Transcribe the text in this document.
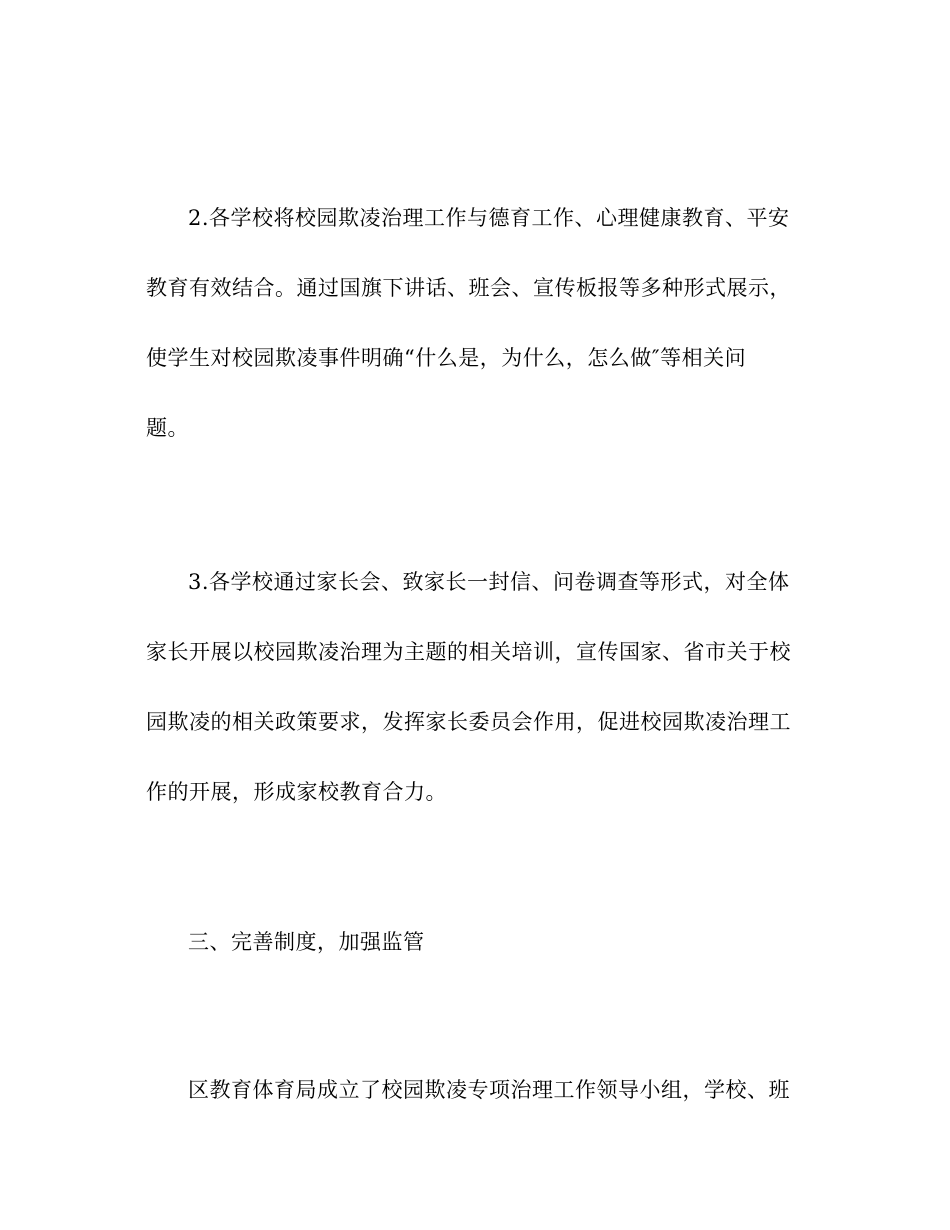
2.各学校将校园欺凌治理工作与德育工作、心理健康教育、平安
教育有效结合。通过国旗下讲话、班会、宣传板报等多种形式展示，
使学生对校园欺凌事件明确“什么是，为什么，怎么做″等相关问
题。
3.各学校通过家长会、致家长一封信、问卷调查等形式，对全体
家长开展以校园欺凌治理为主题的相关培训，宣传国家、省市关于校
园欺凌的相关政策要求，发挥家长委员会作用，促进校园欺凌治理工
作的开展，形成家校教育合力。
三、完善制度，加强监管
区教育体育局成立了校园欺凌专项治理工作领导小组，学校、班
